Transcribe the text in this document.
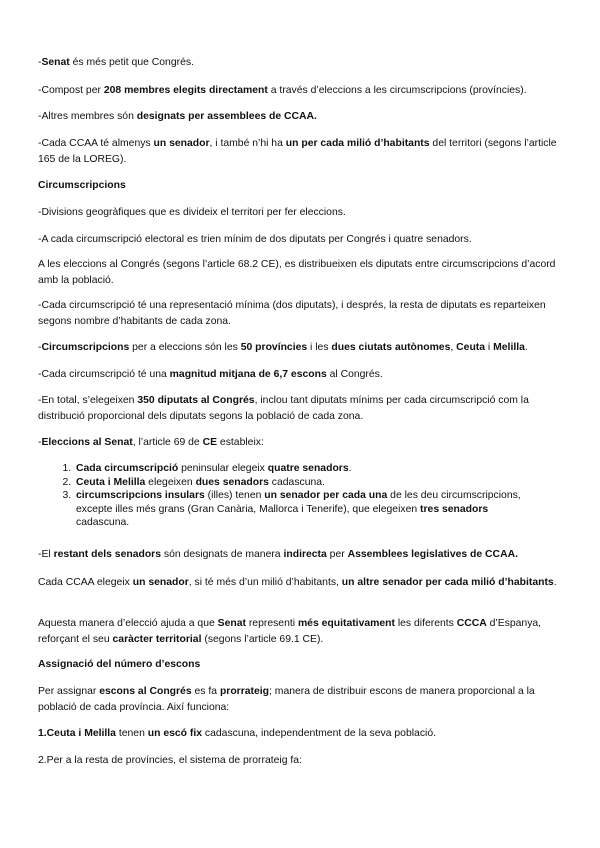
-Senat és més petit que Congrés.

-Compost per 208 membres elegits directament a través d’eleccions a les circumscripcions (províncies).

-Altres membres són designats per assemblees de CCAA.

-Cada CCAA té almenys un senador, i també n’hi ha un per cada milió d’habitants del territori (segons l’article 165 de la LOREG).

Circumscripcions

-Divisions geogràfiques que es divideix el territori per fer eleccions.

-A cada circumscripció electoral es trien mínim de dos diputats per Congrés i quatre senadors.

A les eleccions al Congrés (segons l’article 68.2 CE), es distribueixen els diputats entre circumscripcions d’acord amb la població.

-Cada circumscripció té una representació mínima (dos diputats), i després, la resta de diputats es reparteixen segons nombre d’habitants de cada zona.

-Circumscripcions per a eleccions són les 50 províncies i les dues ciutats autònomes, Ceuta i Melilla.

-Cada circumscripció té una magnitud mitjana de 6,7 escons al Congrés.

-En total, s’elegeixen 350 diputats al Congrés, inclou tant diputats mínims per cada circumscripció com la distribució proporcional dels diputats segons la població de cada zona.

-Eleccions al Senat, l’article 69 de CE estableix:

1. Cada circumscripció peninsular elegeix quatre senadors.
2. Ceuta i Melilla elegeixen dues senadors cadascuna.
3. circumscripcions insulars (illes) tenen un senador per cada una de les deu circumscripcions, excepte illes més grans (Gran Canària, Mallorca i Tenerife), que elegeixen tres senadors cadascuna.

-El restant dels senadors són designats de manera indirecta per Assemblees legislatives de CCAA.

Cada CCAA elegeix un senador, si té més d’un milió d’habitants, un altre senador per cada milió d’habitants.

Aquesta manera d’elecció ajuda a que Senat representi més equitativament les diferents CCCA d’Espanya, reforçant el seu caràcter territorial (segons l’article 69.1 CE).

Assignació del número d’escons

Per assignar escons al Congrés es fa prorrateig; manera de distribuir escons de manera proporcional a la població de cada província. Així funciona:

1.Ceuta i Melilla tenen un escó fix cadascuna, independentment de la seva població.

2.Per a la resta de províncies, el sistema de prorrateig fa:
